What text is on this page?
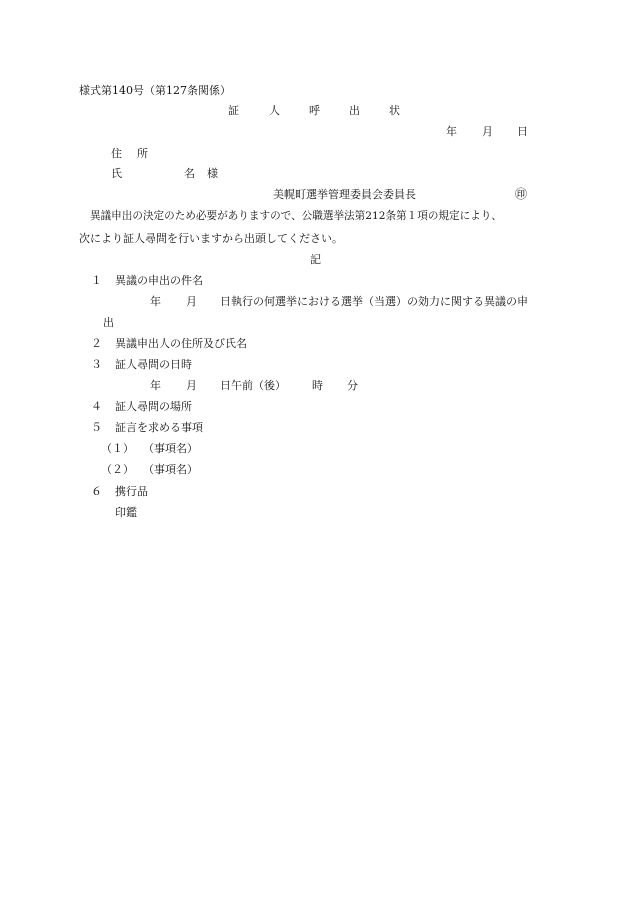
様式第140号（第127条関係）
証	人	呼	出	状
年 月 日
住 所
氏	名 様
美幌町選挙管理委員会委員長	㊞
異議申出の決定のため必要がありますので、公職選挙法第212条第１項の規定により、
次により証人尋問を行いますから出頭してください。
記
１ 異議の申出の件名
年 月 日執行の何選挙における選挙（当選）の効力に関する異議の申
出
２ 異議申出人の住所及び氏名
３ 証人尋問の日時
年 月 日午前（後） 時 分
４ 証人尋問の場所
５ 証言を求める事項
（１） （事項名）
（２） （事項名）
６ 携行品
印鑑
